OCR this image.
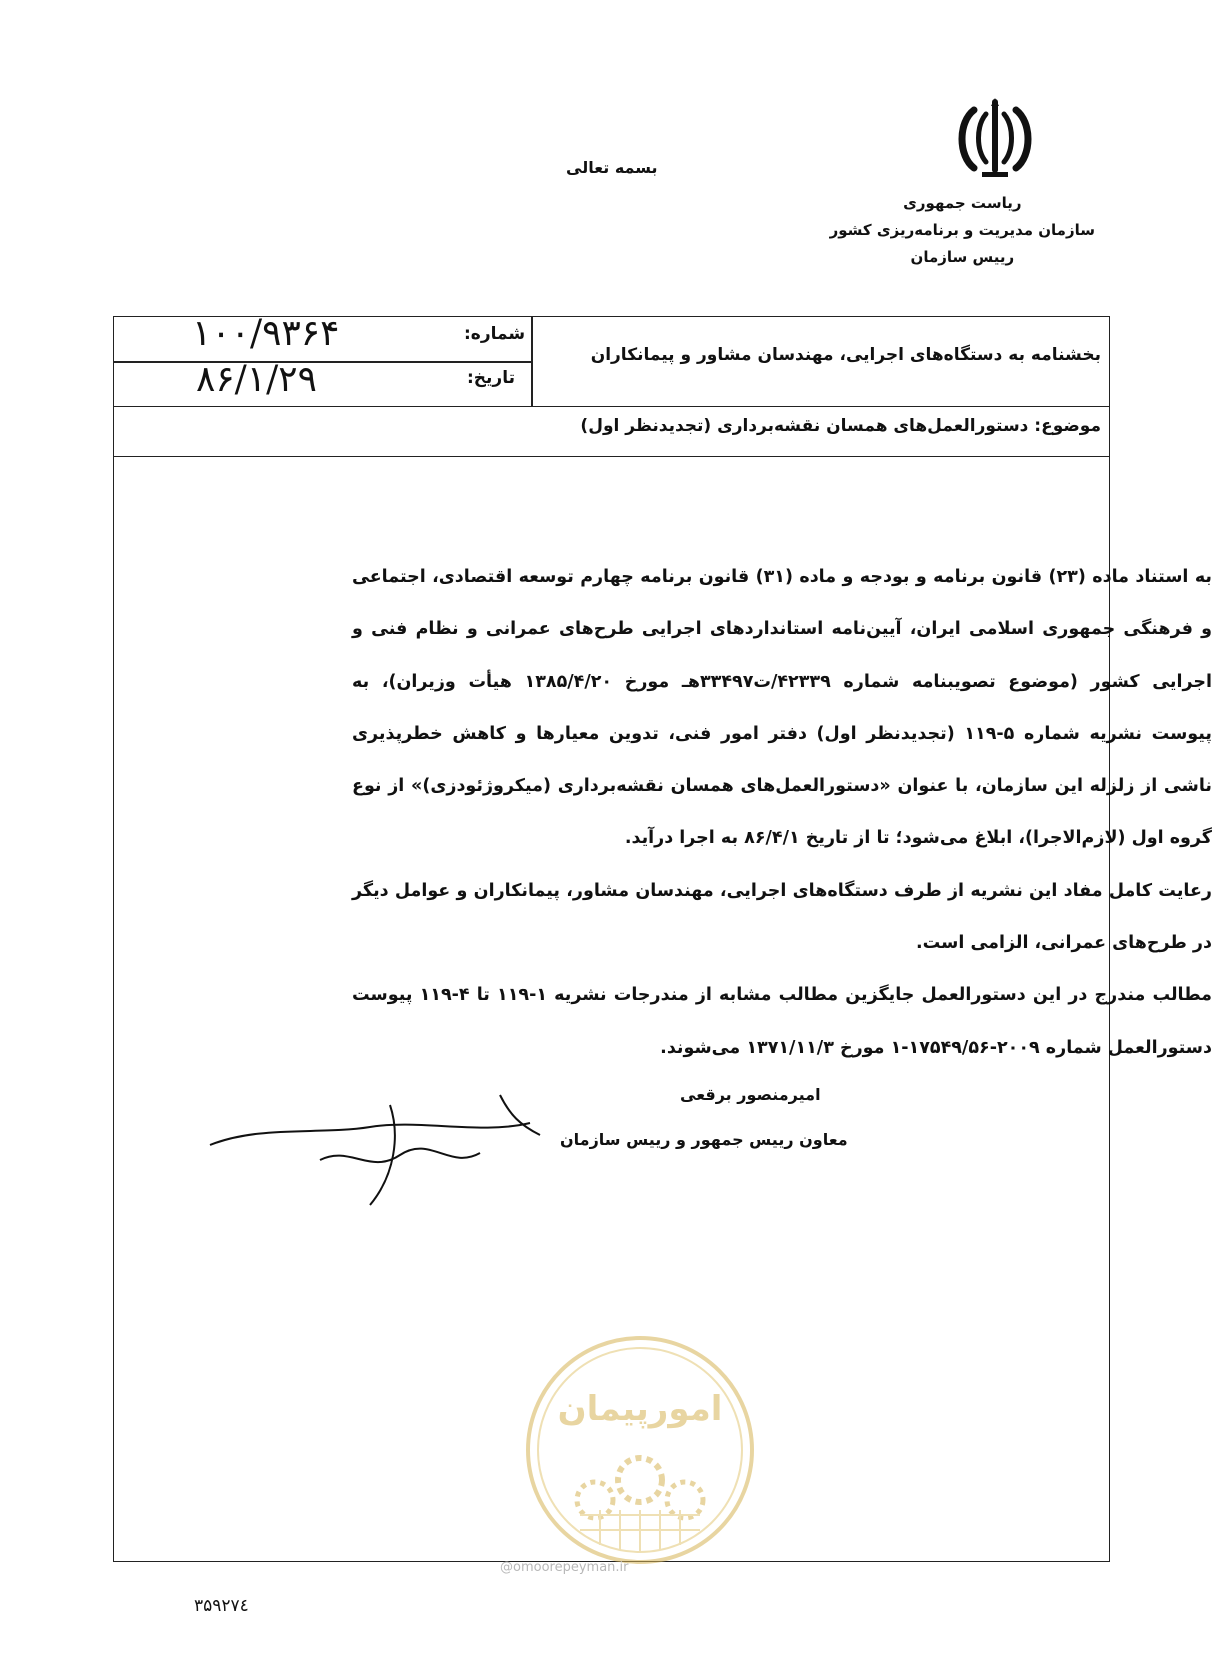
ریاست جمهوری
سازمان مدیریت و برنامه‌ریزی کشور
رییس سازمان
بسمه تعالی
بخشنامه به دستگاه‌های اجرایی، مهندسان مشاور و پیمانکاران
شماره:
۱۰۰/۹۳۶۴
تاریخ:
۸۶/۱/۲۹
موضوع: دستورالعمل‌های همسان نقشه‌برداری (تجدیدنظر اول)
به استناد ماده (۲۳) قانون برنامه و بودجه و ماده (۳۱) قانون برنامه چهارم توسعه اقتصادی، اجتماعی و فرهنگی جمهوری اسلامی ایران، آیین‌نامه استانداردهای اجرایی طرح‌های عمرانی و نظام فنی و اجرایی کشور (موضوع تصویبنامه شماره ۴۲۳۳۹/ت۳۳۴۹۷هـ مورخ ۱۳۸۵/۴/۲۰ هیأت وزیران)، به پیوست نشریه شماره ۵-۱۱۹ (تجدیدنظر اول) دفتر امور فنی، تدوین معیارها و کاهش خطرپذیری ناشی از زلزله این سازمان، با عنوان «دستورالعمل‌های همسان نقشه‌برداری (میکروژئودزی)» از نوع گروه اول (لازم‌الاجرا)، ابلاغ می‌شود؛ تا از تاریخ ۸۶/۴/۱ به اجرا درآید.
رعایت کامل مفاد این نشریه از طرف دستگاه‌های اجرایی، مهندسان مشاور، پیمانکاران و عوامل دیگر در طرح‌های عمرانی، الزامی است.
مطالب مندرج در این دستورالعمل جایگزین مطالب مشابه از مندرجات نشریه ۱-۱۱۹ تا ۴-۱۱۹ پیوست دستورالعمل شماره ۲۰۰۹-۱۷۵۴۹/۵۶-۱ مورخ ۱۳۷۱/۱۱/۳ می‌شوند.
امیرمنصور برقعی
معاون رییس جمهور و رییس سازمان
امورپیمان
@omoorepeyman.ir
۳۵۹۲۷٤
